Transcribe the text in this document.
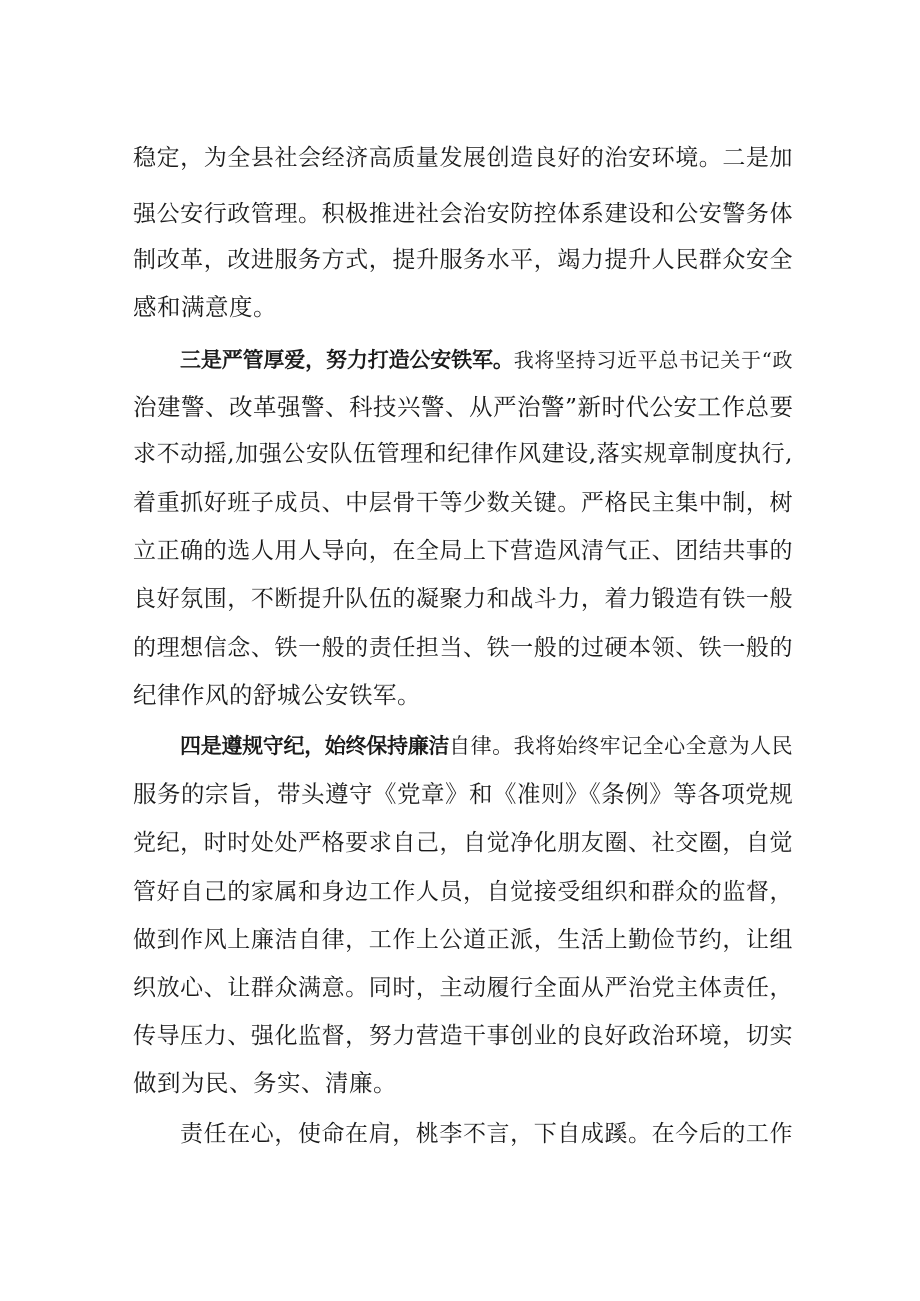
稳定，为全县社会经济高质量发展创造良好的治安环境。二是加
强公安行政管理。积极推进社会治安防控体系建设和公安警务体
制改革，改进服务方式，提升服务水平，竭力提升人民群众安全
感和满意度。
三是严管厚爱，努力打造公安铁军。我将坚持习近平总书记关于“政
治建警、改革强警、科技兴警、从严治警”新时代公安工作总要
求不动摇,加强公安队伍管理和纪律作风建设,落实规章制度执行,
着重抓好班子成员、中层骨干等少数关键。严格民主集中制，树
立正确的选人用人导向，在全局上下营造风清气正、团结共事的
良好氛围，不断提升队伍的凝聚力和战斗力，着力锻造有铁一般
的理想信念、铁一般的责任担当、铁一般的过硬本领、铁一般的
纪律作风的舒城公安铁军。
四是遵规守纪，始终保持廉洁自律。我将始终牢记全心全意为人民
服务的宗旨，带头遵守《党章》和《准则》《条例》等各项党规
党纪，时时处处严格要求自己，自觉净化朋友圈、社交圈，自觉
管好自己的家属和身边工作人员，自觉接受组织和群众的监督，
做到作风上廉洁自律，工作上公道正派，生活上勤俭节约，让组
织放心、让群众满意。同时，主动履行全面从严治党主体责任，
传导压力、强化监督，努力营造干事创业的良好政治环境，切实
做到为民、务实、清廉。
责任在心，使命在肩，桃李不言，下自成蹊。在今后的工作
